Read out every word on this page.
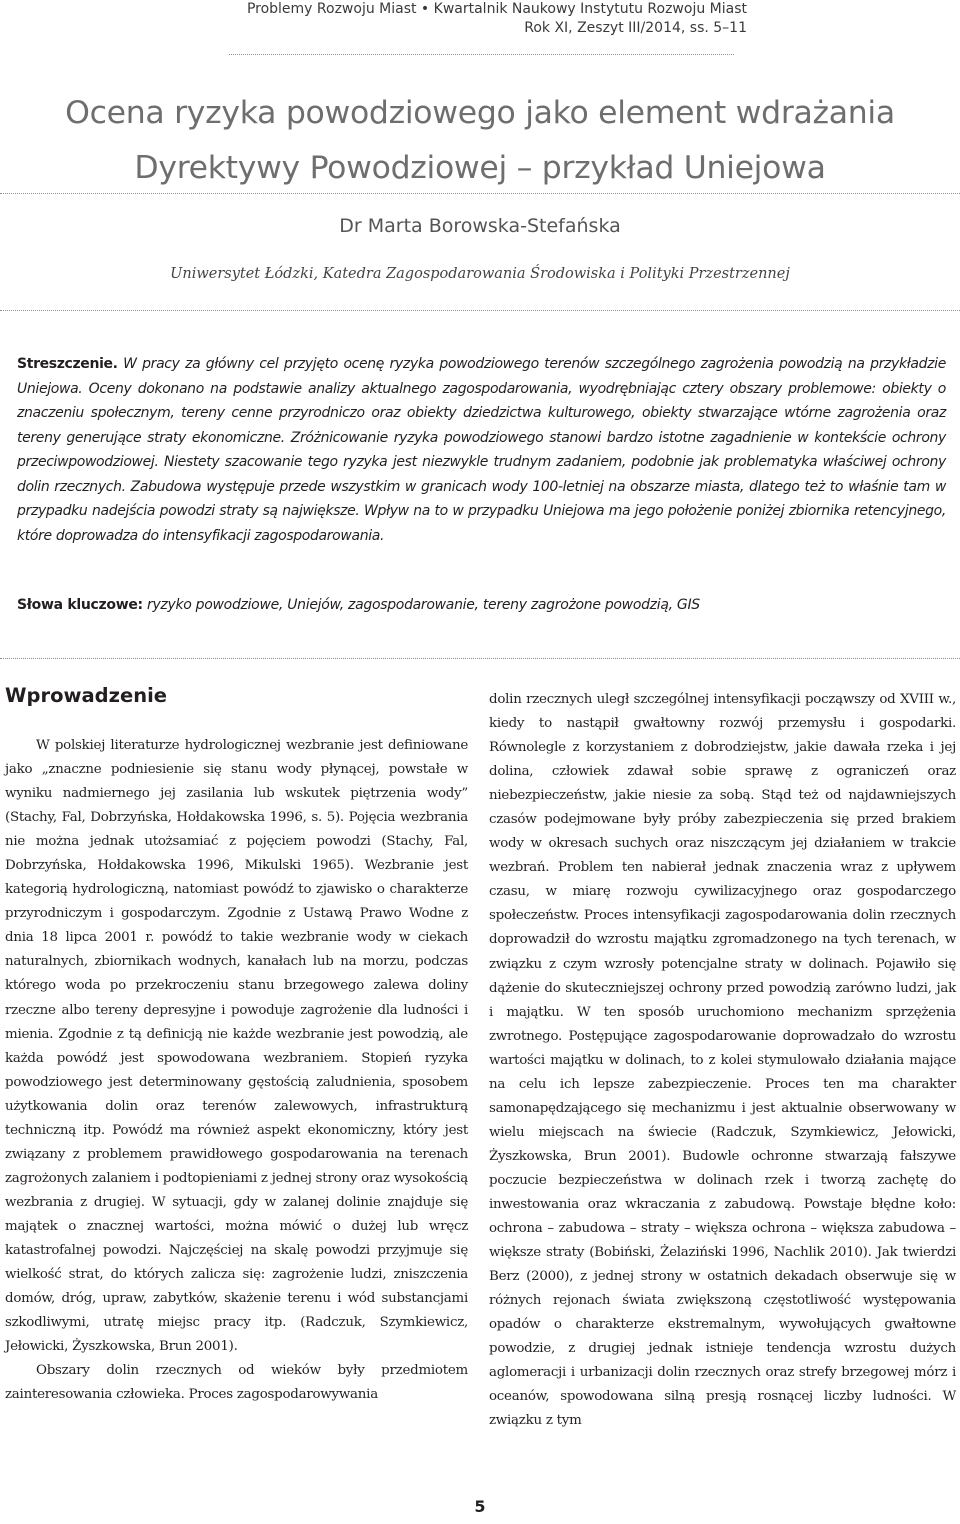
Problemy Rozwoju Miast • Kwartalnik Naukowy Instytutu Rozwoju Miast
Rok XI, Zeszyt III/2014, ss. 5–11
Ocena ryzyka powodziowego jako element wdrażania
Dyrektywy Powodziowej – przykład Uniejowa
Dr Marta Borowska-Stefańska
Uniwersytet Łódzki, Katedra Zagospodarowania Środowiska i Polityki Przestrzennej
Streszczenie. W pracy za główny cel przyjęto ocenę ryzyka powodziowego terenów szczególnego zagrożenia powodzią na przykładzie Uniejowa. Oceny dokonano na podstawie analizy aktualnego zagospodarowania, wyodrębniając cztery obszary problemowe: obiekty o znaczeniu społecznym, tereny cenne przyrodniczo oraz obiekty dziedzictwa kulturowego, obiekty stwarzające wtórne zagrożenia oraz tereny generujące straty ekonomiczne. Zróżnicowanie ryzyka powodziowego stanowi bardzo istotne zagadnienie w kontekście ochrony przeciwpowodziowej. Niestety szacowanie tego ryzyka jest niezwykle trudnym zadaniem, podobnie jak problematyka właściwej ochrony dolin rzecznych. Zabudowa występuje przede wszystkim w granicach wody 100-letniej na obszarze miasta, dlatego też to właśnie tam w przypadku nadejścia powodzi straty są największe. Wpływ na to w przypadku Uniejowa ma jego położenie poniżej zbiornika retencyjnego, które doprowadza do intensyfikacji zagospodarowania.
Słowa kluczowe: ryzyko powodziowe, Uniejów, zagospodarowanie, tereny zagrożone powodzią, GIS
Wprowadzenie

W polskiej literaturze hydrologicznej wezbranie jest definiowane jako „znaczne podniesienie się stanu wody płynącej, powstałe w wyniku nadmiernego jej zasilania lub wskutek piętrzenia wody” (Stachy, Fal, Dobrzyńska, Hołdakowska 1996, s. 5). Pojęcia wezbrania nie można jednak utożsamiać z pojęciem powodzi (Stachy, Fal, Dobrzyńska, Hołdakowska 1996, Mikulski 1965). Wezbranie jest kategorią hydrologiczną, natomiast powódź to zjawisko o charakterze przyrodniczym i gospodarczym. Zgodnie z Ustawą Prawo Wodne z dnia 18 lipca 2001 r. powódź to takie wezbranie wody w ciekach naturalnych, zbiornikach wodnych, kanałach lub na morzu, podczas którego woda po przekroczeniu stanu brzegowego zalewa doliny rzeczne albo tereny depresyjne i powoduje zagrożenie dla ludności i mienia. Zgodnie z tą definicją nie każde wezbranie jest powodzią, ale każda powódź jest spowodowana wezbraniem. Stopień ryzyka powodziowego jest determinowany gęstością zaludnienia, sposobem użytkowania dolin oraz terenów zalewowych, infrastrukturą techniczną itp. Powódź ma również aspekt ekonomiczny, który jest związany z problemem prawidłowego gospodarowania na terenach zagrożonych zalaniem i podtopieniami z jednej strony oraz wysokością wezbrania z drugiej. W sytuacji, gdy w zalanej dolinie znajduje się majątek o znacznej wartości, można mówić o dużej lub wręcz katastrofalnej powodzi. Najczęściej na skalę powodzi przyjmuje się wielkość strat, do których zalicza się: zagrożenie ludzi, zniszczenia domów, dróg, upraw, zabytków, skażenie terenu i wód substancjami szkodliwymi, utratę miejsc pracy itp. (Radczuk, Szymkiewicz, Jełowicki, Żyszkowska, Brun 2001).

Obszary dolin rzecznych od wieków były przedmiotem zainteresowania człowieka. Proces zagospodarowywania

dolin rzecznych uległ szczególnej intensyfikacji począwszy od XVIII w., kiedy to nastąpił gwałtowny rozwój przemysłu i gospodarki. Równolegle z korzystaniem z dobrodziejstw, jakie dawała rzeka i jej dolina, człowiek zdawał sobie sprawę z ograniczeń oraz niebezpieczeństw, jakie niesie za sobą. Stąd też od najdawniejszych czasów podejmowane były próby zabezpieczenia się przed brakiem wody w okresach suchych oraz niszczącym jej działaniem w trakcie wezbrań. Problem ten nabierał jednak znaczenia wraz z upływem czasu, w miarę rozwoju cywilizacyjnego oraz gospodarczego społeczeństw. Proces intensyfikacji zagospodarowania dolin rzecznych doprowadził do wzrostu majątku zgromadzonego na tych terenach, w związku z czym wzrosły potencjalne straty w dolinach. Pojawiło się dążenie do skuteczniejszej ochrony przed powodzią zarówno ludzi, jak i majątku. W ten sposób uruchomiono mechanizm sprzężenia zwrotnego. Postępujące zagospodarowanie doprowadzało do wzrostu wartości majątku w dolinach, to z kolei stymulowało działania mające na celu ich lepsze zabezpieczenie. Proces ten ma charakter samonapędzającego się mechanizmu i jest aktualnie obserwowany w wielu miejscach na świecie (Radczuk, Szymkiewicz, Jełowicki, Żyszkowska, Brun 2001). Budowle ochronne stwarzają fałszywe poczucie bezpieczeństwa w dolinach rzek i tworzą zachętę do inwestowania oraz wkraczania z zabudową. Powstaje błędne koło: ochrona – zabudowa – straty – większa ochrona – większa zabudowa – większe straty (Bobiński, Żelaziński 1996, Nachlik 2010). Jak twierdzi Berz (2000), z jednej strony w ostatnich dekadach obserwuje się w różnych rejonach świata zwiększoną częstotliwość występowania opadów o charakterze ekstremalnym, wywołujących gwałtowne powodzie, z drugiej jednak istnieje tendencja wzrostu dużych aglomeracji i urbanizacji dolin rzecznych oraz strefy brzegowej mórz i oceanów, spowodowana silną presją rosnącej liczby ludności. W związku z tym

5
